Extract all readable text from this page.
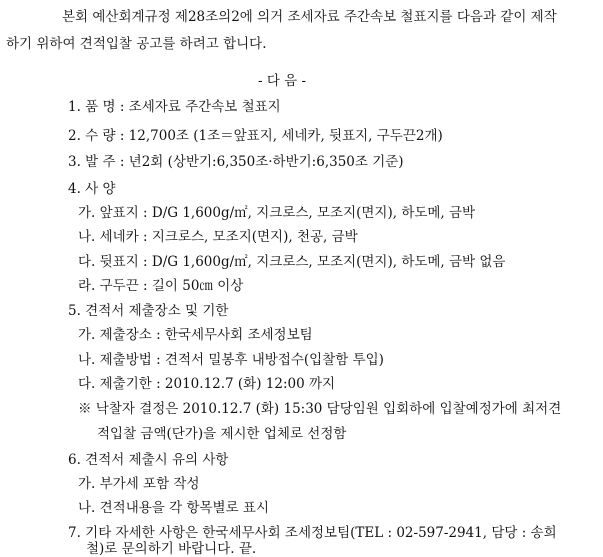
본회 예산회계규정 제28조의2에 의거 조세자료 주간속보 철표지를 다음과 같이 제작
하기 위하여 견적입찰 공고를 하려고 합니다.
- 다 음 -
1. 품 명 : 조세자료 주간속보 철표지
2. 수 량 : 12,700조 (1조＝앞표지, 세네카, 뒷표지, 구두끈2개)
3. 발 주 : 년2회 (상반기:6,350조·하반기:6,350조 기준)
4. 사 양
가. 앞표지 : D/G 1,600g/㎡, 지크로스, 모조지(면지), 하도메, 금박
나. 세네카 : 지크로스, 모조지(면지), 천공, 금박
다. 뒷표지 : D/G 1,600g/㎡, 지크로스, 모조지(면지), 하도메, 금박 없음
라. 구두끈 : 길이 50㎝ 이상
5. 견적서 제출장소 및 기한
가. 제출장소 : 한국세무사회 조세정보팀
나. 제출방법 : 견적서 밀봉후 내방접수(입찰함 투입)
다. 제출기한 : 2010.12.7 (화) 12:00 까지
※ 낙찰자 결정은 2010.12.7 (화) 15:30 담당임원 입회하에 입찰예정가에 최저견
적입찰 금액(단가)을 제시한 업체로 선정함
6. 견적서 제출시 유의 사항
가. 부가세 포함 작성
나. 견적내용을 각 항목별로 표시
7. 기타 자세한 사항은 한국세무사회 조세정보팀(TEL : 02-597-2941, 담당 : 송희
철)로 문의하기 바랍니다. 끝.
